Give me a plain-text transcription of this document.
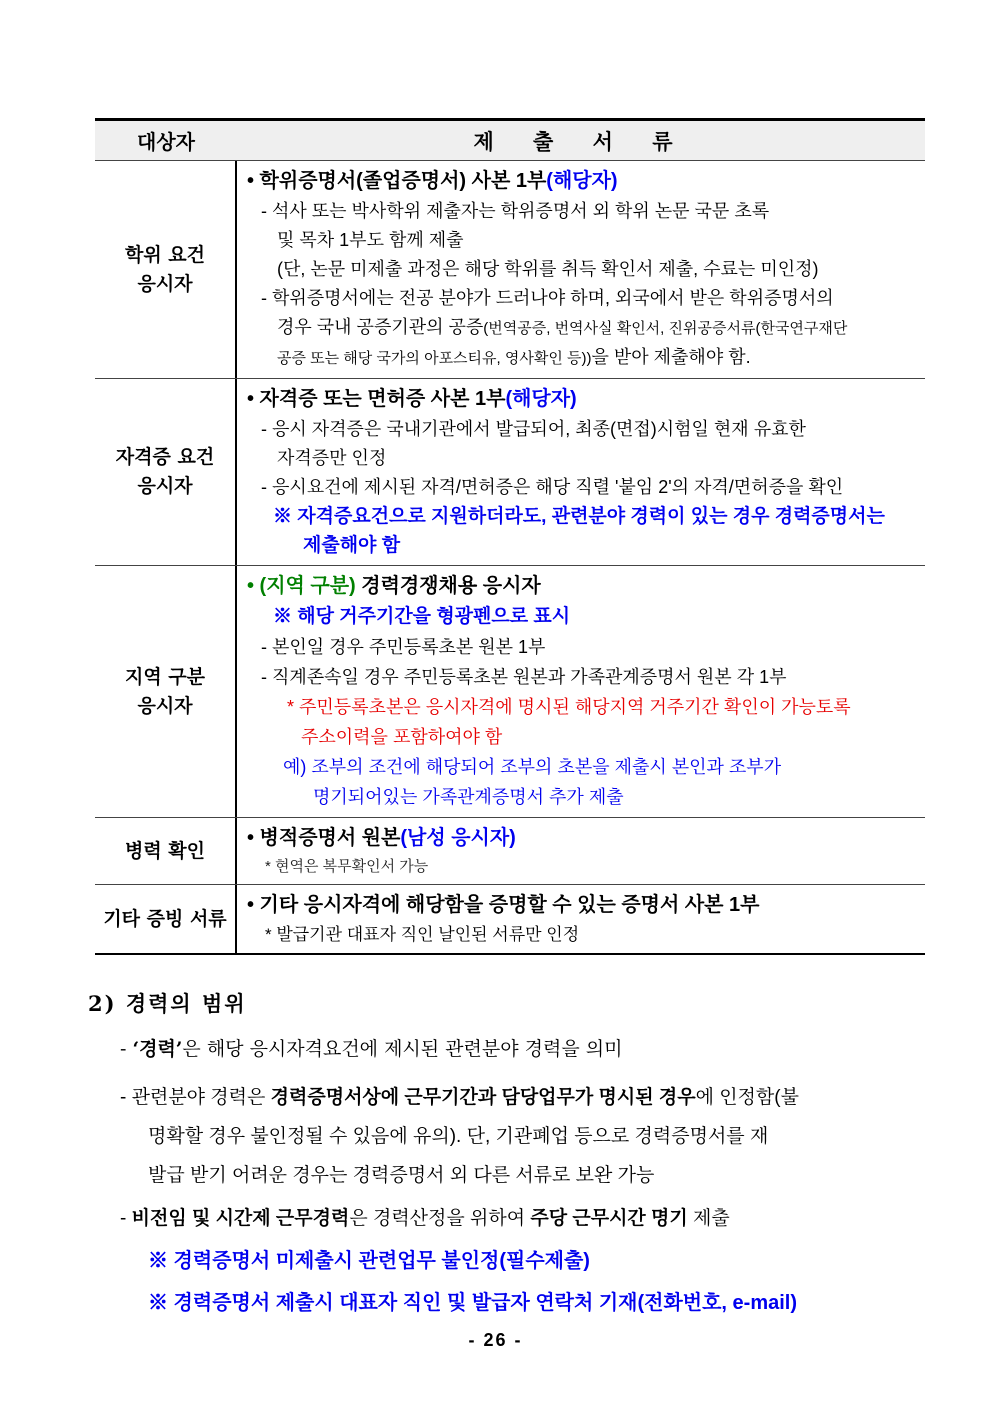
대상자	제 출 서 류
학위 요건
응시자
• 학위증명서(졸업증명서) 사본 1부(해당자)
- 석사 또는 박사학위 제출자는 학위증명서 외 학위 논문 국문 초록
및 목차 1부도 함께 제출
(단, 논문 미제출 과정은 해당 학위를 취득 확인서 제출, 수료는 미인정)
- 학위증명서에는 전공 분야가 드러나야 하며, 외국에서 받은 학위증명서의
경우 국내 공증기관의 공증(번역공증, 번역사실 확인서, 진위공증서류(한국연구재단
공증 또는 해당 국가의 아포스티유, 영사확인 등))을 받아 제출해야 함.
자격증 요건
응시자
• 자격증 또는 면허증 사본 1부(해당자)
- 응시 자격증은 국내기관에서 발급되어, 최종(면접)시험일 현재 유효한
자격증만 인정
- 응시요건에 제시된 자격/면허증은 해당 직렬 '붙임 2'의 자격/면허증을 확인
※ 자격증요건으로 지원하더라도, 관련분야 경력이 있는 경우 경력증명서는
제출해야 함
지역 구분
응시자
• (지역 구분) 경력경쟁채용 응시자
※ 해당 거주기간을 형광펜으로 표시
- 본인일 경우 주민등록초본 원본 1부
- 직계존속일 경우 주민등록초본 원본과 가족관계증명서 원본 각 1부
* 주민등록초본은 응시자격에 명시된 해당지역 거주기간 확인이 가능토록
주소이력을 포함하여야 함
예) 조부의 조건에 해당되어 조부의 초본을 제출시 본인과 조부가
명기되어있는 가족관계증명서 추가 제출
병력 확인
• 병적증명서 원본(남성 응시자)
* 현역은 복무확인서 가능
기타 증빙 서류
• 기타 응시자격에 해당함을 증명할 수 있는 증명서 사본 1부
* 발급기관 대표자 직인 날인된 서류만 인정
2) 경력의 범위
- ‘경력’은 해당 응시자격요건에 제시된 관련분야 경력을 의미
- 관련분야 경력은 경력증명서상에 근무기간과 담당업무가 명시된 경우에 인정함(불
명확할 경우 불인정될 수 있음에 유의). 단, 기관폐업 등으로 경력증명서를 재
발급 받기 어려운 경우는 경력증명서 외 다른 서류로 보완 가능
- 비전임 및 시간제 근무경력은 경력산정을 위하여 주당 근무시간 명기 제출
※ 경력증명서 미제출시 관련업무 불인정(필수제출)
※ 경력증명서 제출시 대표자 직인 및 발급자 연락처 기재(전화번호, e-mail)
- 26 -
